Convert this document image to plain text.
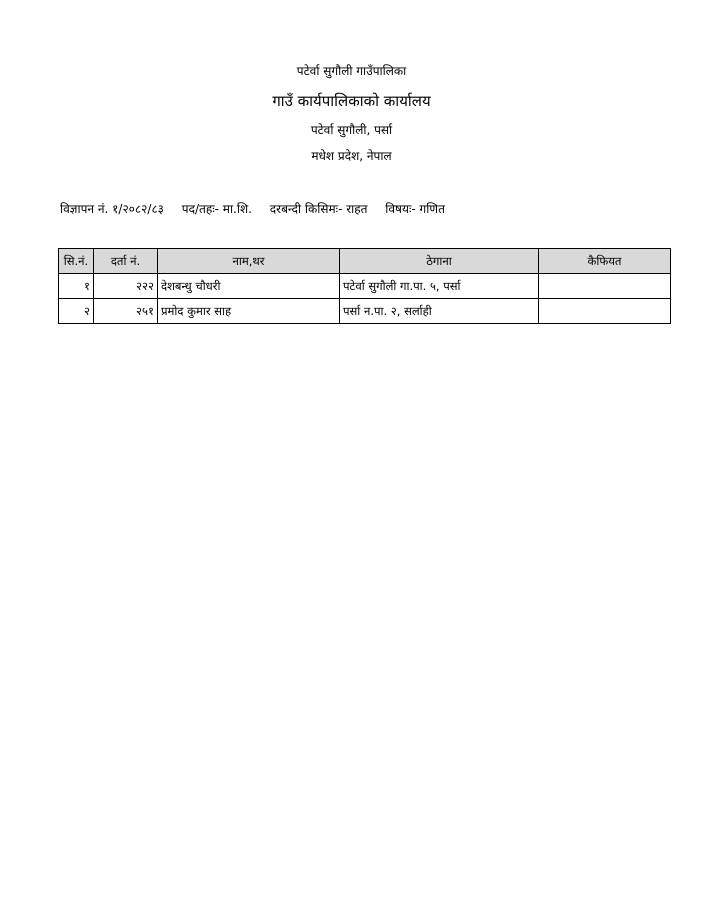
पटेर्वा सुगौली गाउँपालिका
गाउँ कार्यपालिकाको कार्यालय
पटेर्वा सुगौली, पर्सा
मधेश प्रदेश, नेपाल
विज्ञापन नं. १/२०८२/८३ पद/तहः- मा.शि. दरबन्दी किसिमः- राहत विषयः- गणित
सि.नं.	दर्ता नं.	नाम,थर	ठेगाना	कैफियत
१	२२२	देशबन्धु चौधरी	पटेर्वा सुगौली गा.पा. ५, पर्सा	
२	२५१	प्रमोद कुमार साह	पर्सा न.पा. २, सर्लाही	
